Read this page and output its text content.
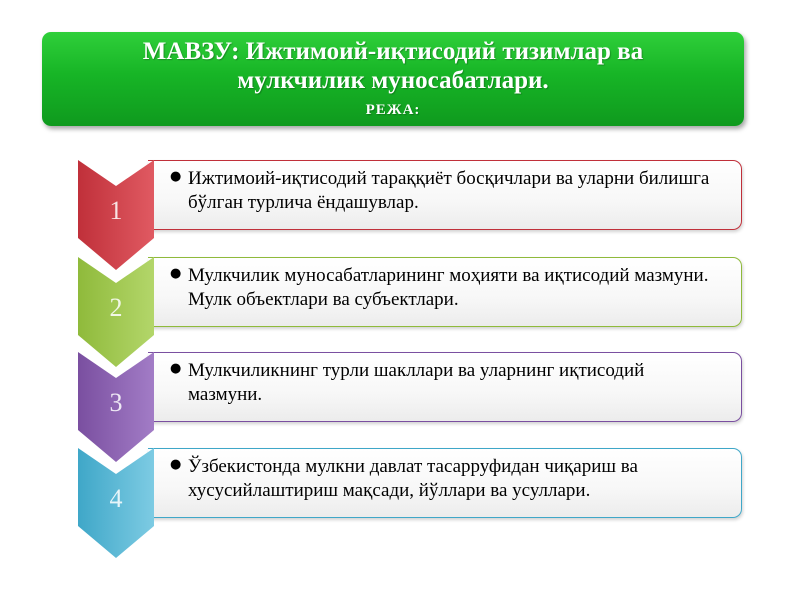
МАВЗУ: Ижтимоий-иқтисодий тизимлар ва мулкчилик муносабатлари.
РЕЖА:
● Ижтимоий-иқтисодий тараққиёт босқичлари ва уларни билишга бўлган турлича ёндашувлар.
1
● Мулкчилик муносабатларининг моҳияти ва иқтисодий мазмуни. Мулк объектлари ва субъектлари.
2
● Мулкчиликнинг турли шакллари ва уларнинг иқтисодий мазмуни.
3
● Ўзбекистонда мулкни давлат тасарруфидан чиқариш ва хусусийлаштириш мақсади, йўллари ва усуллари.
4
